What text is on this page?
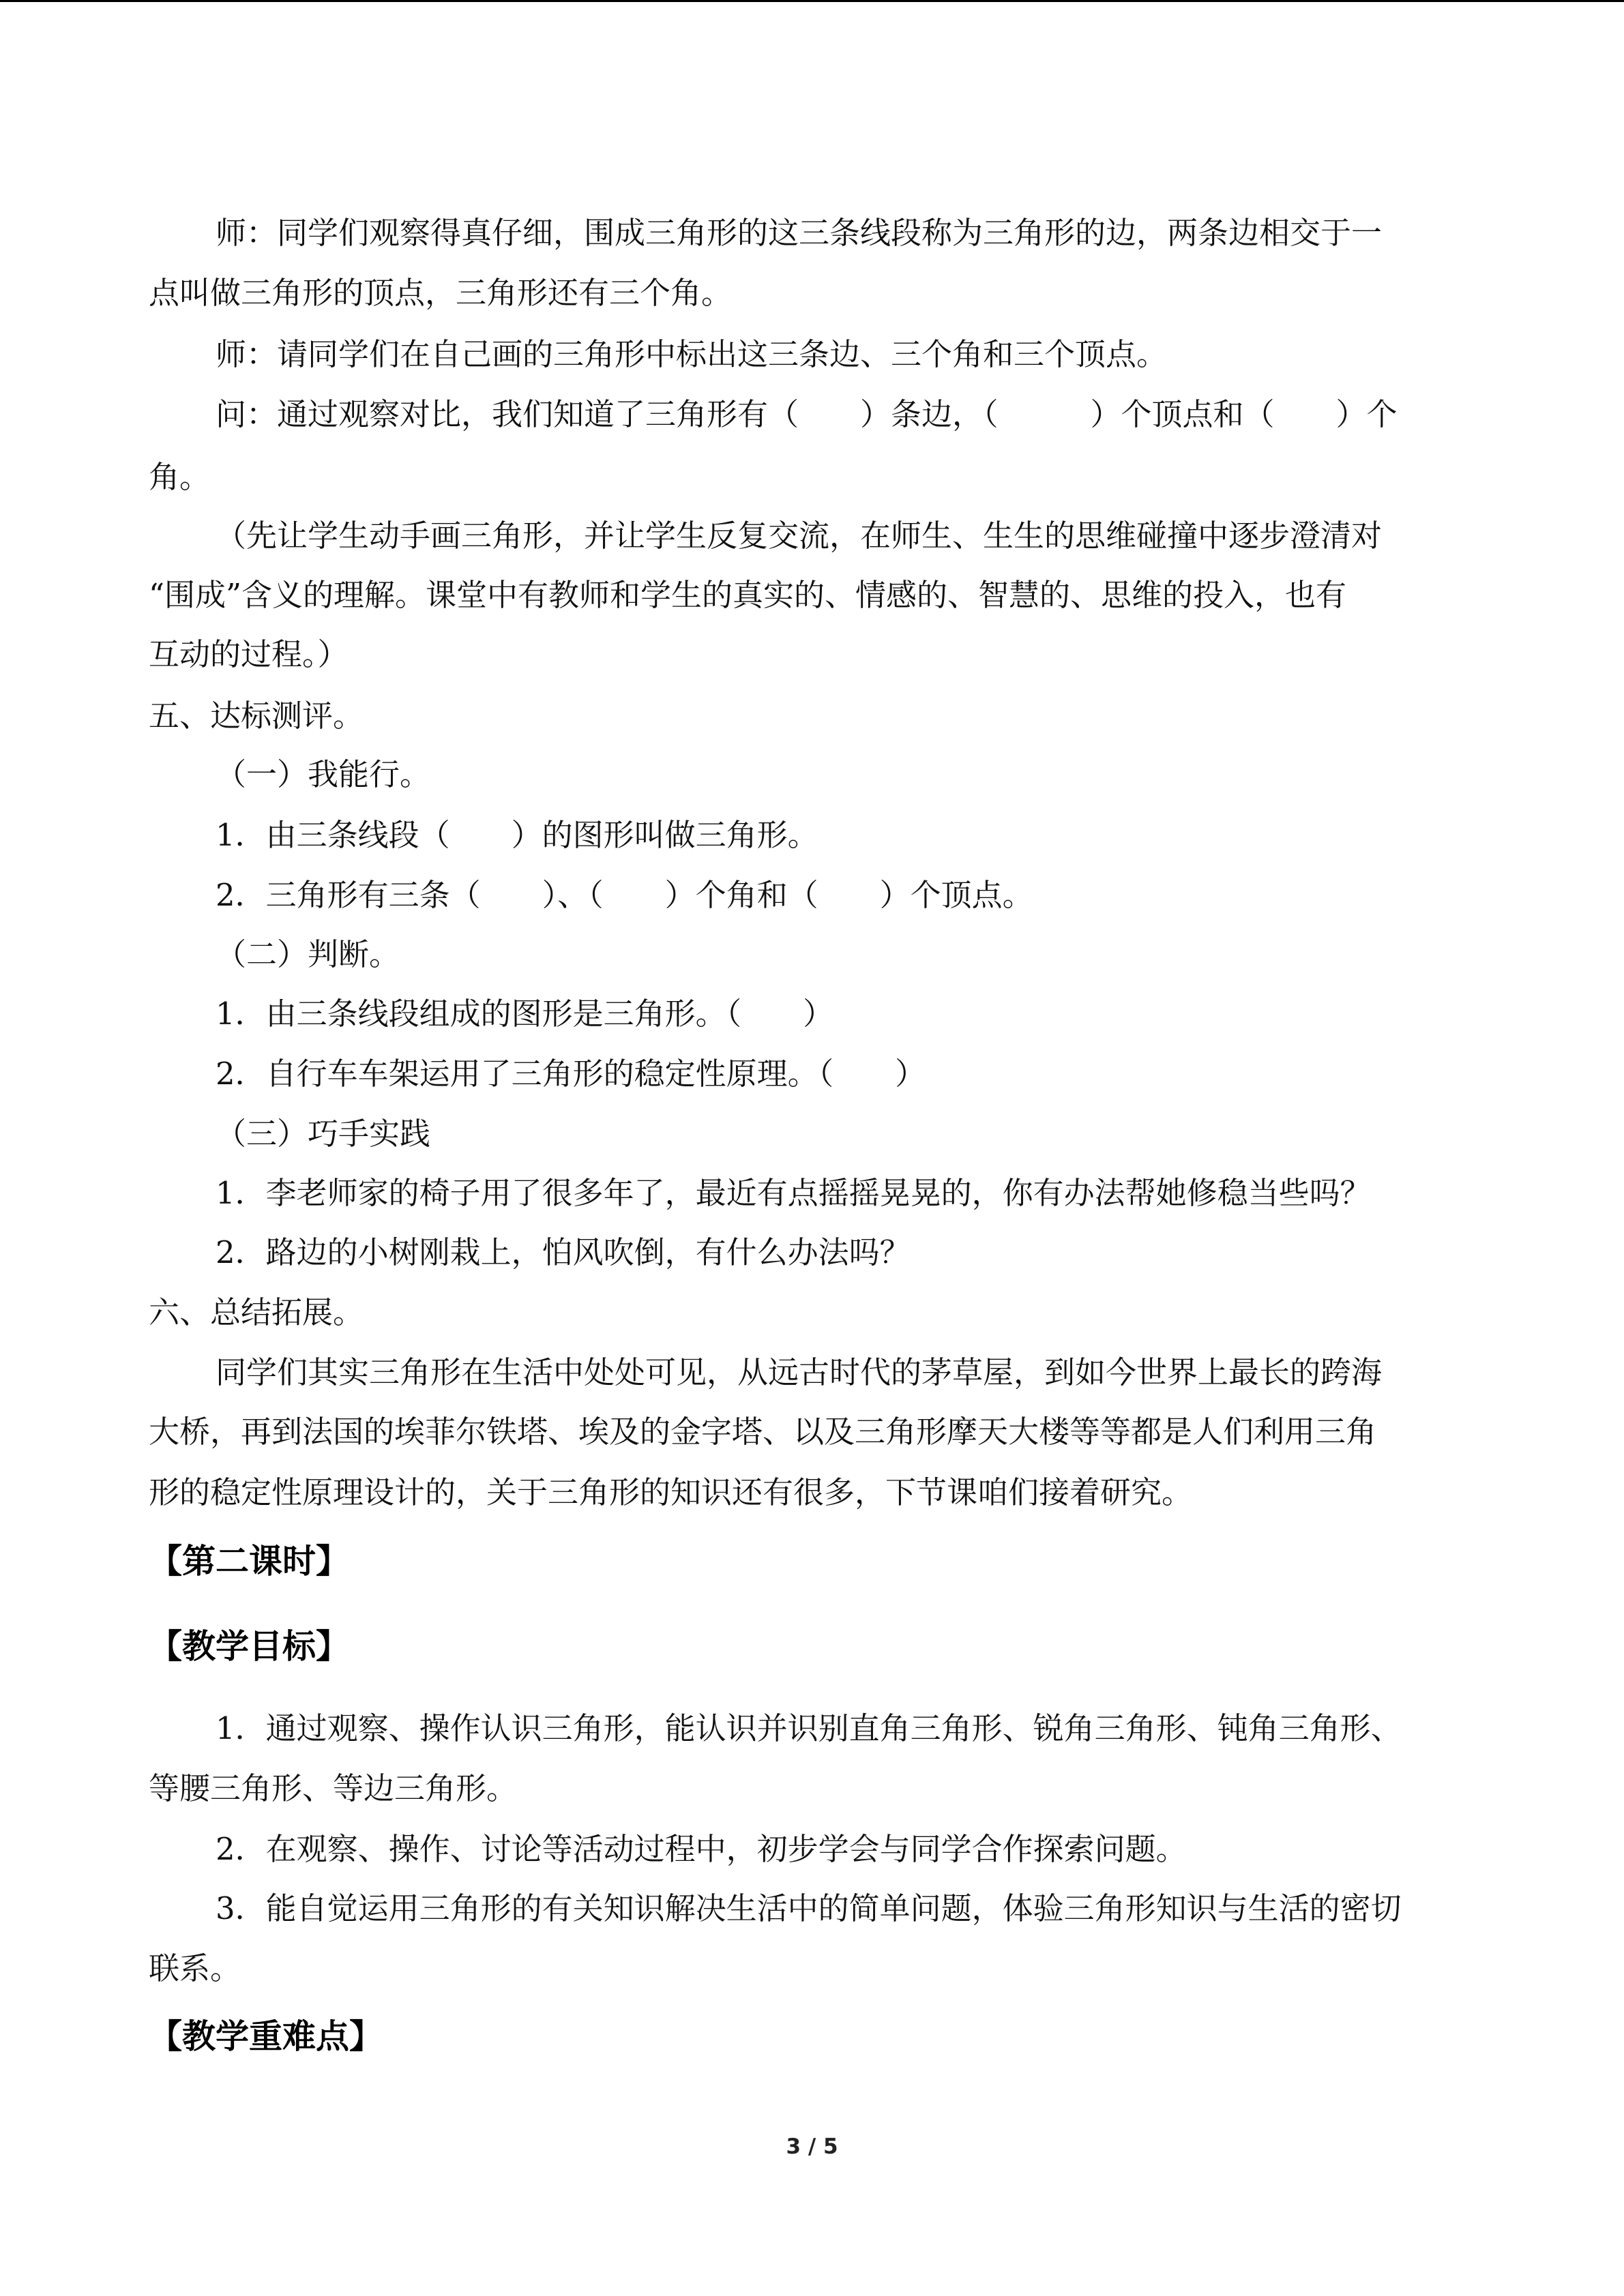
师：同学们观察得真仔细，围成三角形的这三条线段称为三角形的边，两条边相交于一
点叫做三角形的顶点，三角形还有三个角。
师：请同学们在自己画的三角形中标出这三条边、三个角和三个顶点。
问：通过观察对比，我们知道了三角形有（　　）条边，（　　　）个顶点和（　　）个
角。
（先让学生动手画三角形，并让学生反复交流，在师生、生生的思维碰撞中逐步澄清对
“围成”含义的理解。课堂中有教师和学生的真实的、情感的、智慧的、思维的投入，也有
互动的过程。）
五、达标测评。
（一）我能行。
1．由三条线段（　　）的图形叫做三角形。
2．三角形有三条（　　）、（　　）个角和（　　）个顶点。
（二）判断。
1．由三条线段组成的图形是三角形。（　　）
2．自行车车架运用了三角形的稳定性原理。（　　）
（三）巧手实践
1．李老师家的椅子用了很多年了，最近有点摇摇晃晃的，你有办法帮她修稳当些吗？
2．路边的小树刚栽上，怕风吹倒，有什么办法吗？
六、总结拓展。
同学们其实三角形在生活中处处可见，从远古时代的茅草屋，到如今世界上最长的跨海
大桥，再到法国的埃菲尔铁塔、埃及的金字塔、以及三角形摩天大楼等等都是人们利用三角
形的稳定性原理设计的，关于三角形的知识还有很多，下节课咱们接着研究。
【第二课时】
【教学目标】
1．通过观察、操作认识三角形，能认识并识别直角三角形、锐角三角形、钝角三角形、
等腰三角形、等边三角形。
2．在观察、操作、讨论等活动过程中，初步学会与同学合作探索问题。
3．能自觉运用三角形的有关知识解决生活中的简单问题，体验三角形知识与生活的密切
联系。
【教学重难点】
3 / 5
